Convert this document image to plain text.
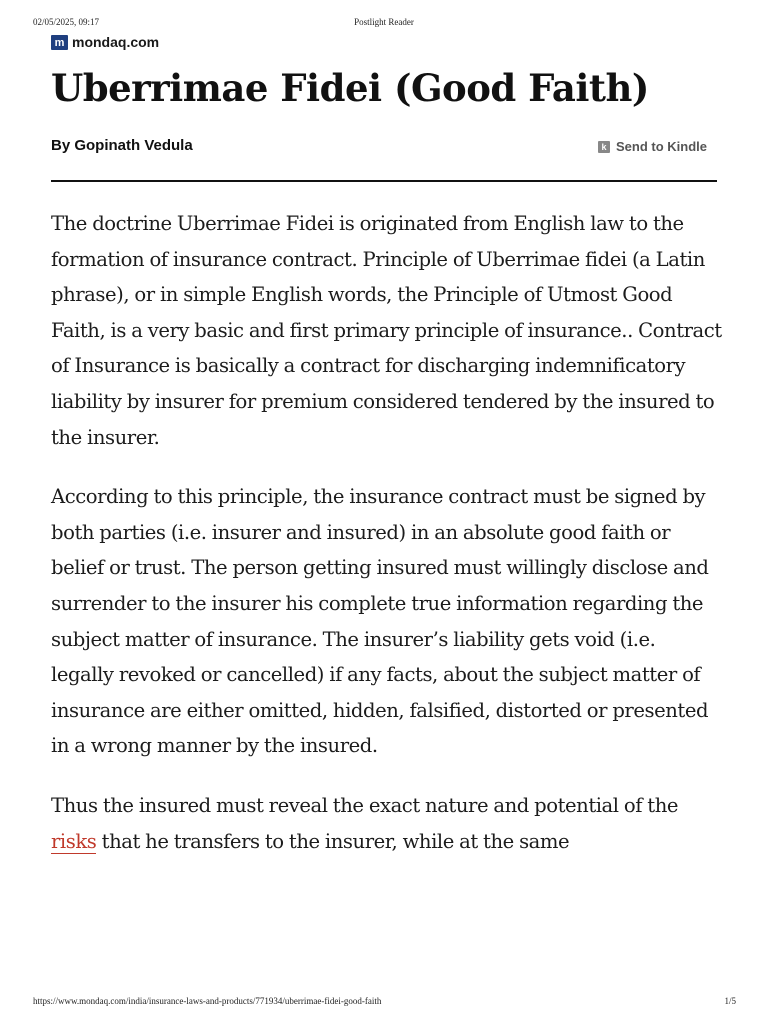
02/05/2025, 09:17	Postlight Reader
m mondaq.com
Uberrimae Fidei (Good Faith)
By Gopinath Vedula	k Send to Kindle

The doctrine Uberrimae Fidei is originated from English law to the formation of insurance contract. Principle of Uberrimae fidei (a Latin phrase), or in simple English words, the Principle of Utmost Good Faith, is a very basic and first primary principle of insurance.. Contract of Insurance is basically a contract for discharging indemnificatory liability by insurer for premium considered tendered by the insured to the insurer.

According to this principle, the insurance contract must be signed by both parties (i.e. insurer and insured) in an absolute good faith or belief or trust. The person getting insured must willingly disclose and surrender to the insurer his complete true information regarding the subject matter of insurance. The insurer’s liability gets void (i.e. legally revoked or cancelled) if any facts, about the subject matter of insurance are either omitted, hidden, falsified, distorted or presented in a wrong manner by the insured.

Thus the insured must reveal the exact nature and potential of the risks that he transfers to the insurer, while at the same

https://www.mondaq.com/india/insurance-laws-and-products/771934/uberrimae-fidei-good-faith	1/5
